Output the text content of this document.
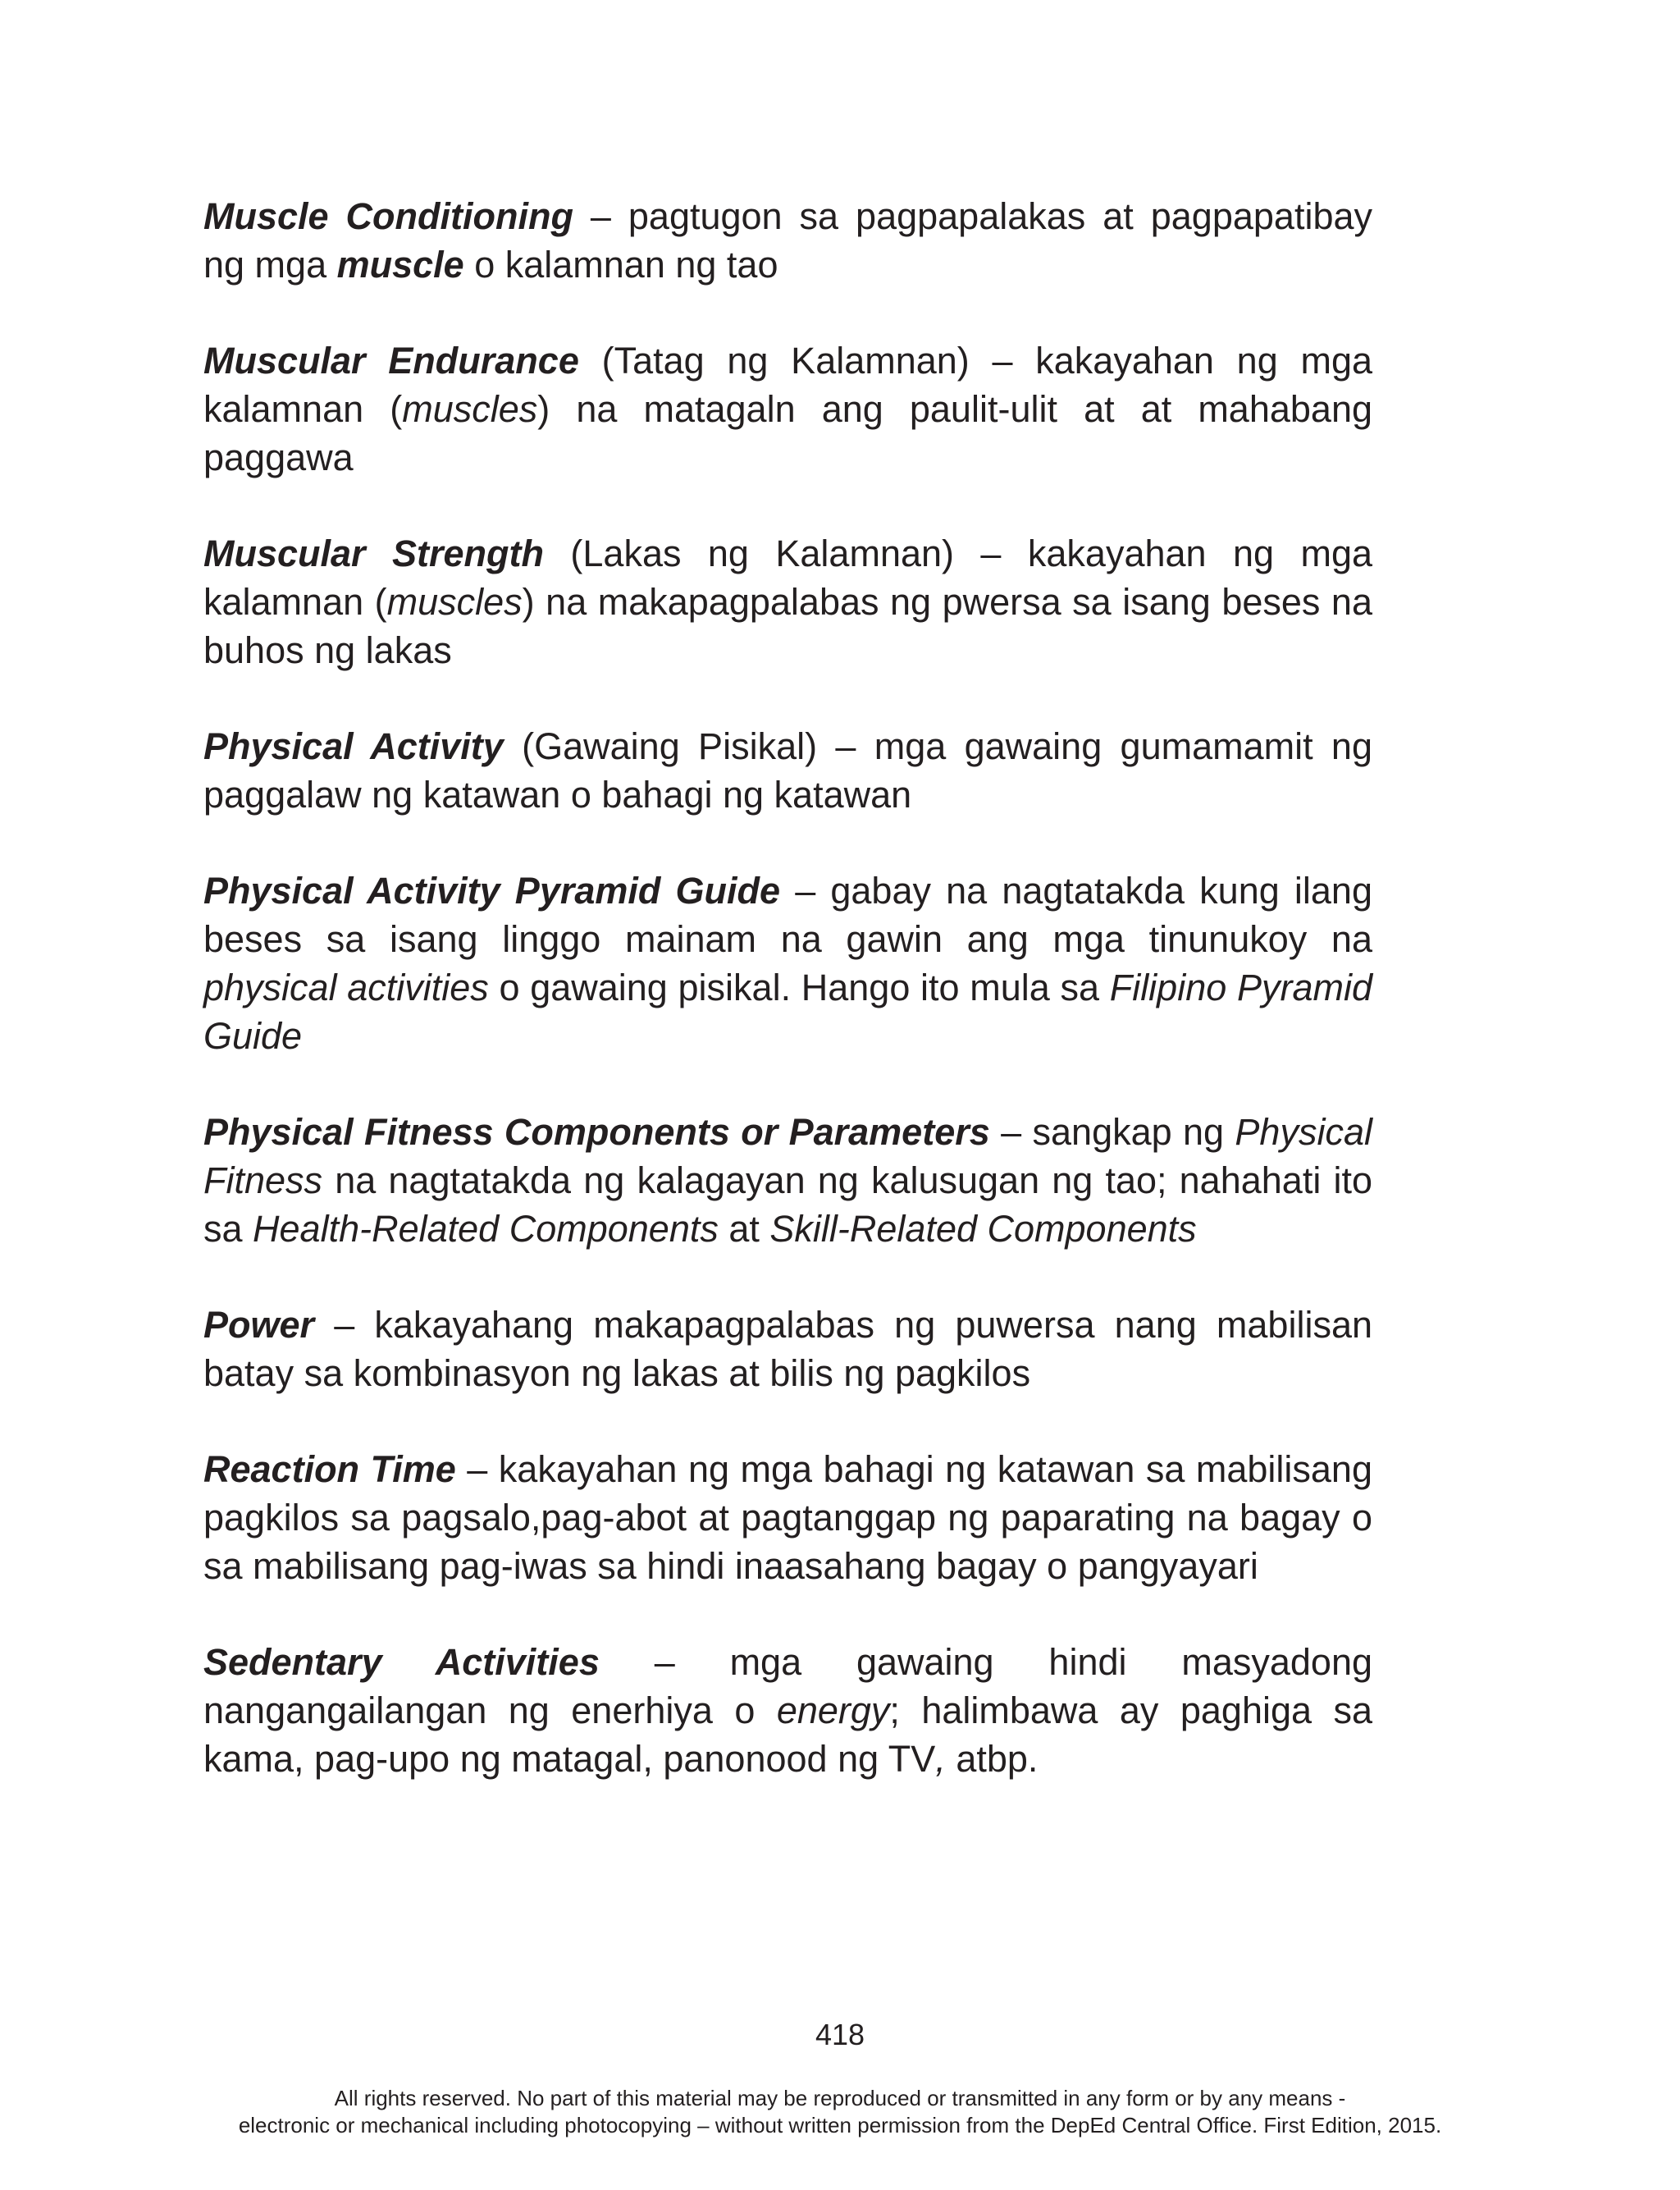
Muscle Conditioning – pagtugon sa pagpapalakas at pagpapatibay ng mga muscle o kalamnan ng tao

Muscular Endurance (Tatag ng Kalamnan) – kakayahan ng mga kalamnan (muscles) na matagaln ang paulit-ulit at at mahabang paggawa

Muscular Strength (Lakas ng Kalamnan) – kakayahan ng mga kalamnan (muscles) na makapagpalabas ng pwersa sa isang beses na buhos ng lakas

Physical Activity (Gawaing Pisikal) – mga gawaing gumamamit ng paggalaw ng katawan o bahagi ng katawan

Physical Activity Pyramid Guide – gabay na nagtatakda kung ilang beses sa isang linggo mainam na gawin ang mga tinunukoy na physical activities o gawaing pisikal. Hango ito mula sa Filipino Pyramid Guide

Physical Fitness Components or Parameters – sangkap ng Physical Fitness na nagtatakda ng kalagayan ng kalusugan ng tao; nahahati ito sa Health-Related Components at Skill-Related Components

Power – kakayahang makapagpalabas ng puwersa nang mabilisan batay sa kombinasyon ng lakas at bilis ng pagkilos

Reaction Time – kakayahan ng mga bahagi ng katawan sa mabilisang pagkilos sa pagsalo,pag-abot at pagtanggap ng paparating na bagay o sa mabilisang pag-iwas sa hindi inaasahang bagay o pangyayari

Sedentary Activities – mga gawaing hindi masyadong nangangailangan ng enerhiya o energy; halimbawa ay paghiga sa kama, pag-upo ng matagal, panonood ng TV, atbp.

418
All rights reserved. No part of this material may be reproduced or transmitted in any form or by any means -
electronic or mechanical including photocopying – without written permission from the DepEd Central Office. First Edition, 2015.
